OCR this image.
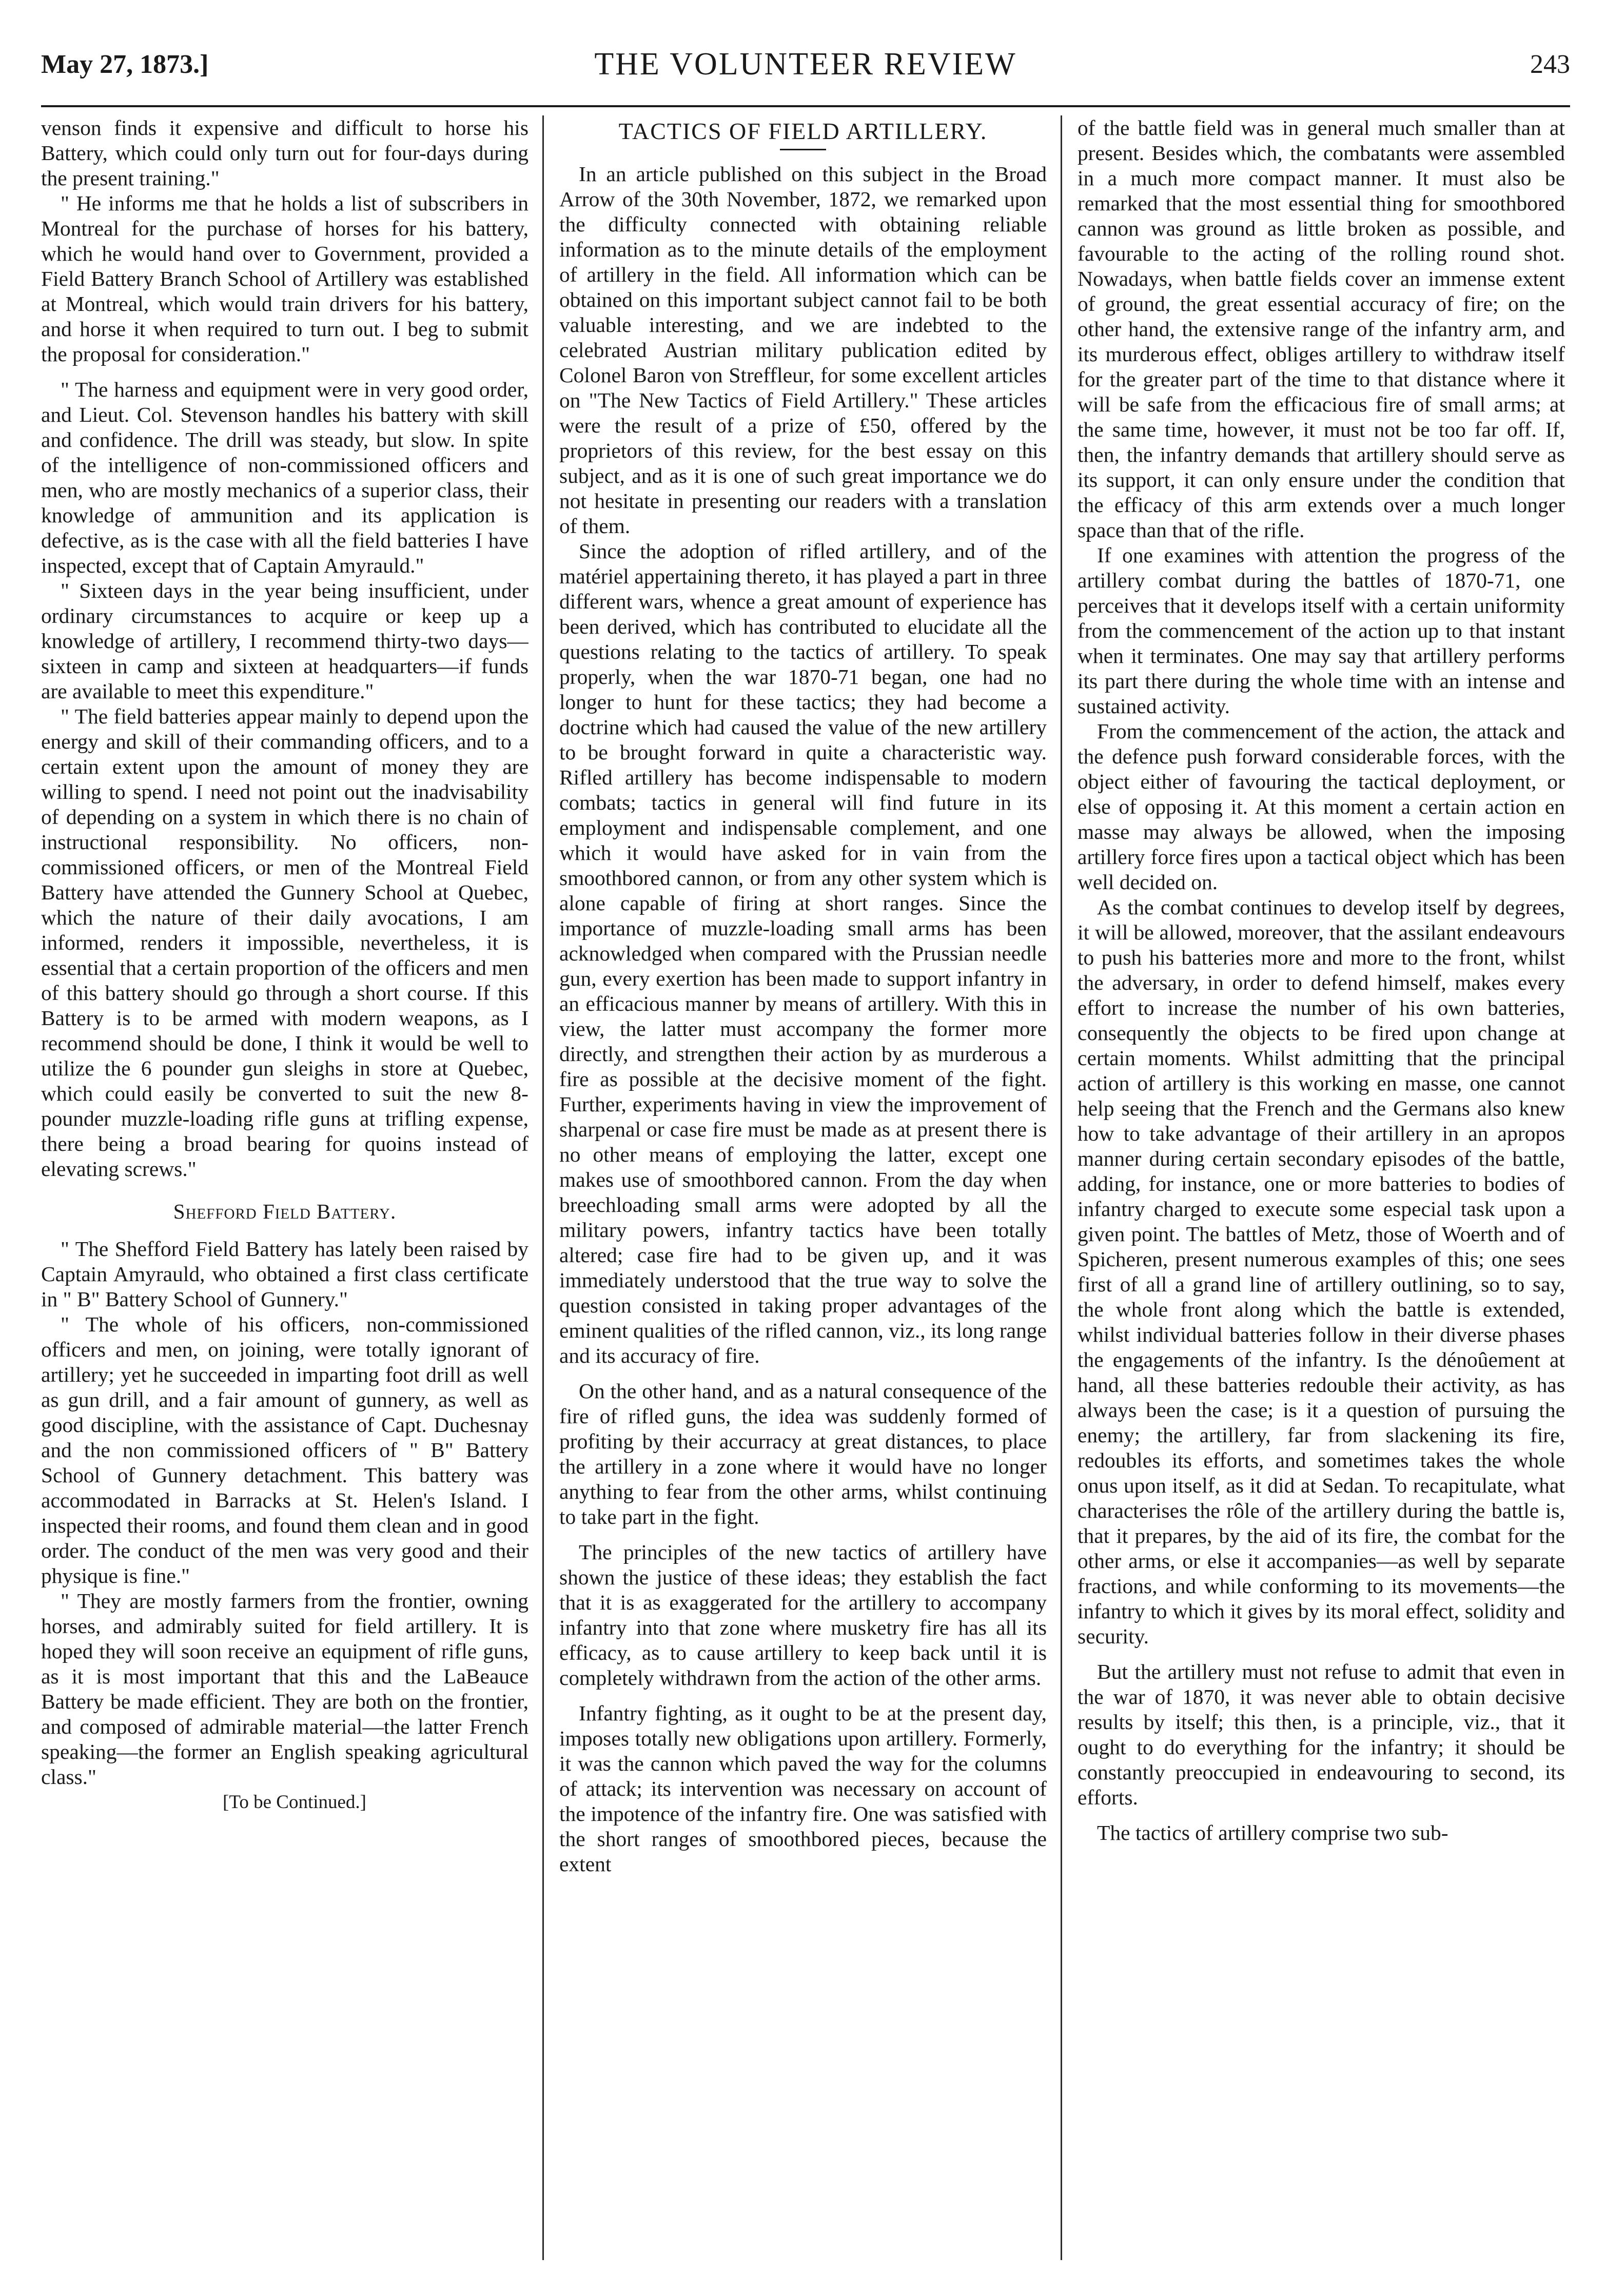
May 27, 1873.]	THE VOLUNTEER REVIEW	243

venson finds it expensive and difficult to horse his Battery, which could only turn out for four-days during the present training."

" He informs me that he holds a list of subscribers in Montreal for the purchase of horses for his battery, which he would hand over to Government, provided a Field Battery Branch School of Artillery was established at Montreal, which would train drivers for his battery, and horse it when required to turn out. I beg to submit the proposal for consideration."

" The harness and equipment were in very good order, and Lieut. Col. Stevenson handles his battery with skill and confidence. The drill was steady, but slow. In spite of the intelligence of non-commissioned officers and men, who are mostly mechanics of a superior class, their knowledge of ammunition and its application is defective, as is the case with all the field batteries I have inspected, except that of Captain Amyrauld."

" Sixteen days in the year being insufficient, under ordinary circumstances to acquire or keep up a knowledge of artillery, I recommend thirty-two days—sixteen in camp and sixteen at headquarters—if funds are available to meet this expenditure."

" The field batteries appear mainly to depend upon the energy and skill of their commanding officers, and to a certain extent upon the amount of money they are willing to spend. I need not point out the inadvisability of depending on a system in which there is no chain of instructional responsibility. No officers, non-commissioned officers, or men of the Montreal Field Battery have attended the Gunnery School at Quebec, which the nature of their daily avocations, I am informed, renders it impossible, nevertheless, it is essential that a certain proportion of the officers and men of this battery should go through a short course. If this Battery is to be armed with modern weapons, as I recommend should be done, I think it would be well to utilize the 6 pounder gun sleighs in store at Quebec, which could easily be converted to suit the new 8-pounder muzzle-loading rifle guns at trifling expense, there being a broad bearing for quoins instead of elevating screws."

Shefford Field Battery.

" The Shefford Field Battery has lately been raised by Captain Amyrauld, who obtained a first class certificate in " B" Battery School of Gunnery."

" The whole of his officers, non-commissioned officers and men, on joining, were totally ignorant of artillery; yet he succeeded in imparting foot drill as well as gun drill, and a fair amount of gunnery, as well as good discipline, with the assistance of Capt. Duchesnay and the non commissioned officers of " B" Battery School of Gunnery detachment. This battery was accommodated in Barracks at St. Helen's Island. I inspected their rooms, and found them clean and in good order. The conduct of the men was very good and their physique is fine."

" They are mostly farmers from the frontier, owning horses, and admirably suited for field artillery. It is hoped they will soon receive an equipment of rifle guns, as it is most important that this and the LaBeauce Battery be made efficient. They are both on the frontier, and composed of admirable material—the latter French speaking—the former an English speaking agricultural class."

[To be Continued.]

TACTICS OF FIELD ARTILLERY.

In an article published on this subject in the Broad Arrow of the 30th November, 1872, we remarked upon the difficulty connected with obtaining reliable information as to the minute details of the employment of artillery in the field. All information which can be obtained on this important subject cannot fail to be both valuable interesting, and we are indebted to the celebrated Austrian military publication edited by Colonel Baron von Streffleur, for some excellent articles on "The New Tactics of Field Artillery." These articles were the result of a prize of £50, offered by the proprietors of this review, for the best essay on this subject, and as it is one of such great importance we do not hesitate in presenting our readers with a translation of them.

Since the adoption of rifled artillery, and of the matériel appertaining thereto, it has played a part in three different wars, whence a great amount of experience has been derived, which has contributed to elucidate all the questions relating to the tactics of artillery. To speak properly, when the war 1870-71 began, one had no longer to hunt for these tactics; they had become a doctrine which had caused the value of the new artillery to be brought forward in quite a characteristic way. Rifled artillery has become indispensable to modern combats; tactics in general will find future in its employment and indispensable complement, and one which it would have asked for in vain from the smoothbored cannon, or from any other system which is alone capable of firing at short ranges. Since the importance of muzzle-loading small arms has been acknowledged when compared with the Prussian needle gun, every exertion has been made to support infantry in an efficacious manner by means of artillery. With this in view, the latter must accompany the former more directly, and strengthen their action by as murderous a fire as possible at the decisive moment of the fight. Further, experiments having in view the improvement of sharpenal or case fire must be made as at present there is no other means of employing the latter, except one makes use of smoothbored cannon. From the day when breechloading small arms were adopted by all the military powers, infantry tactics have been totally altered; case fire had to be given up, and it was immediately understood that the true way to solve the question consisted in taking proper advantages of the eminent qualities of the rifled cannon, viz., its long range and its accuracy of fire.

On the other hand, and as a natural consequence of the fire of rifled guns, the idea was suddenly formed of profiting by their accurracy at great distances, to place the artillery in a zone where it would have no longer anything to fear from the other arms, whilst continuing to take part in the fight.

The principles of the new tactics of artillery have shown the justice of these ideas; they establish the fact that it is as exaggerated for the artillery to accompany infantry into that zone where musketry fire has all its efficacy, as to cause artillery to keep back until it is completely withdrawn from the action of the other arms.

Infantry fighting, as it ought to be at the present day, imposes totally new obligations upon artillery. Formerly, it was the cannon which paved the way for the columns of attack; its intervention was necessary on account of the impotence of the infantry fire. One was satisfied with the short ranges of smoothbored pieces, because the extent

of the battle field was in general much smaller than at present. Besides which, the combatants were assembled in a much more compact manner. It must also be remarked that the most essential thing for smoothbored cannon was ground as little broken as possible, and favourable to the acting of the rolling round shot. Nowadays, when battle fields cover an immense extent of ground, the great essential accuracy of fire; on the other hand, the extensive range of the infantry arm, and its murderous effect, obliges artillery to withdraw itself for the greater part of the time to that distance where it will be safe from the efficacious fire of small arms; at the same time, however, it must not be too far off. If, then, the infantry demands that artillery should serve as its support, it can only ensure under the condition that the efficacy of this arm extends over a much longer space than that of the rifle.

If one examines with attention the progress of the artillery combat during the battles of 1870-71, one perceives that it develops itself with a certain uniformity from the commencement of the action up to that instant when it terminates. One may say that artillery performs its part there during the whole time with an intense and sustained activity.

From the commencement of the action, the attack and the defence push forward considerable forces, with the object either of favouring the tactical deployment, or else of opposing it. At this moment a certain action en masse may always be allowed, when the imposing artillery force fires upon a tactical object which has been well decided on.

As the combat continues to develop itself by degrees, it will be allowed, moreover, that the assilant endeavours to push his batteries more and more to the front, whilst the adversary, in order to defend himself, makes every effort to increase the number of his own batteries, consequently the objects to be fired upon change at certain moments. Whilst admitting that the principal action of artillery is this working en masse, one cannot help seeing that the French and the Germans also knew how to take advantage of their artillery in an apropos manner during certain secondary episodes of the battle, adding, for instance, one or more batteries to bodies of infantry charged to execute some especial task upon a given point. The battles of Metz, those of Woerth and of Spicheren, present numerous examples of this; one sees first of all a grand line of artillery outlining, so to say, the whole front along which the battle is extended, whilst individual batteries follow in their diverse phases the engagements of the infantry. Is the dénoûement at hand, all these batteries redouble their activity, as has always been the case; is it a question of pursuing the enemy; the artillery, far from slackening its fire, redoubles its efforts, and sometimes takes the whole onus upon itself, as it did at Sedan. To recapitulate, what characterises the rôle of the artillery during the battle is, that it prepares, by the aid of its fire, the combat for the other arms, or else it accompanies—as well by separate fractions, and while conforming to its movements—the infantry to which it gives by its moral effect, solidity and security.

But the artillery must not refuse to admit that even in the war of 1870, it was never able to obtain decisive results by itself; this then, is a principle, viz., that it ought to do everything for the infantry; it should be constantly preoccupied in endeavouring to second, its efforts.

The tactics of artillery comprise two sub-
